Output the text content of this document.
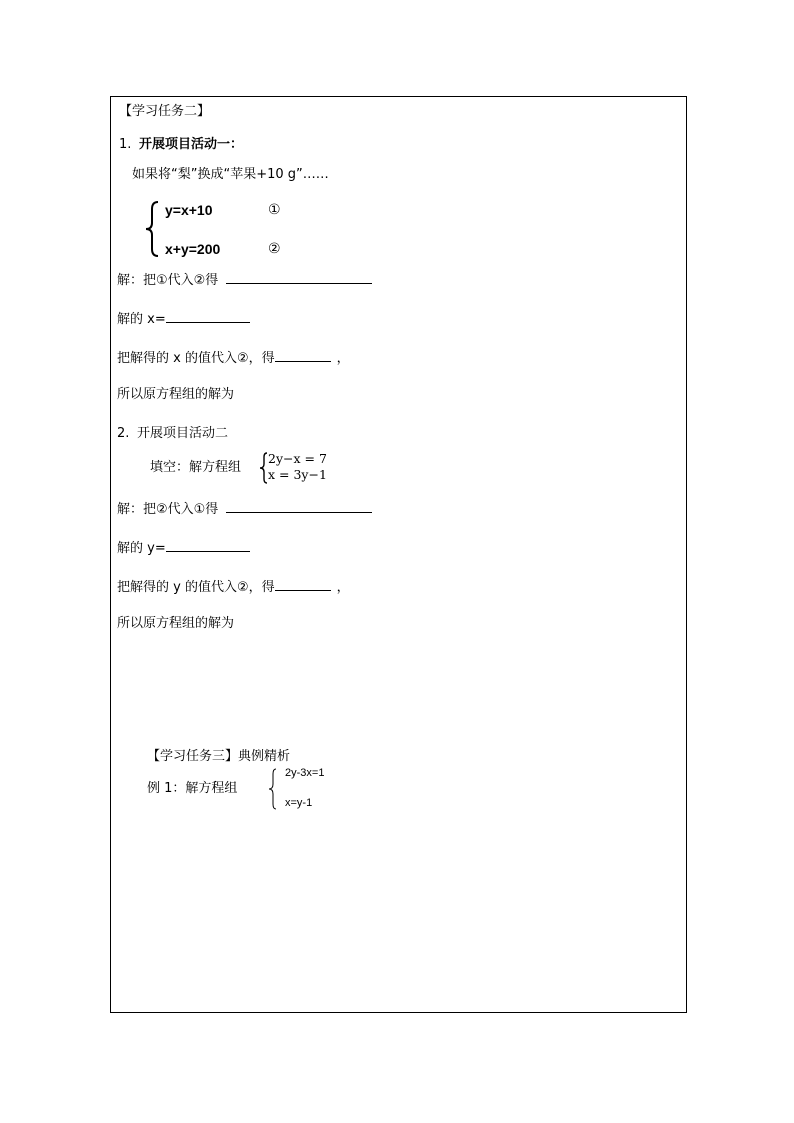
【学习任务二】
1. 开展项目活动一：
如果将“梨”换成“苹果+10 g”……
y=x+10	①
x+y=200	②
解：把①代入②得
解的 x=
把解得的 x 的值代入②，得	，
所以原方程组的解为
2. 开展项目活动二
填空：解方程组
2y−x = 7
x = 3y−1
解：把②代入①得
解的 y=
把解得的 y 的值代入②，得	，
所以原方程组的解为
【学习任务三】典例精析
例 1：解方程组
2y-3x=1
x=y-1
